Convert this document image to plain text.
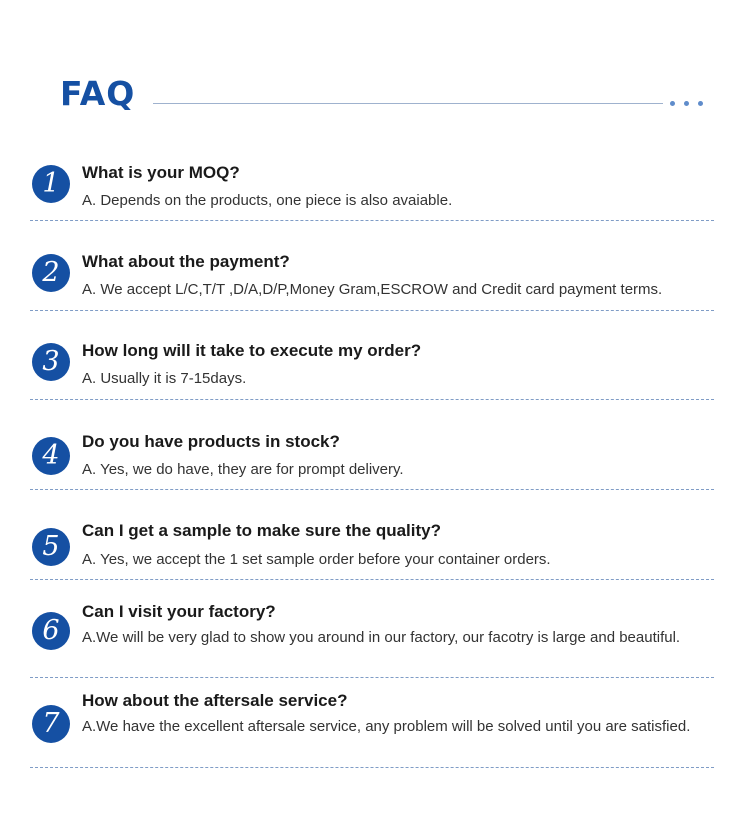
FAQ
1	What is your MOQ?
A. Depends on the products, one piece is also avaiable.
2	What about the payment?
A. We accept L/C,T/T ,D/A,D/P,Money Gram,ESCROW and Credit card payment terms.
3	How long will it take to execute my order?
A. Usually it is 7-15days.
4	Do you have products in stock?
A. Yes, we do have, they are for prompt delivery.
5
Can I get a sample to make sure the quality?
A. Yes, we accept the 1 set sample order before your container orders.
6
Can I visit your factory?
A.We will be very glad to show you around in our factory, our facotry is large and beautiful.
7
How about the aftersale service?
A.We have the excellent aftersale service, any problem will be solved until you are satisfied.
